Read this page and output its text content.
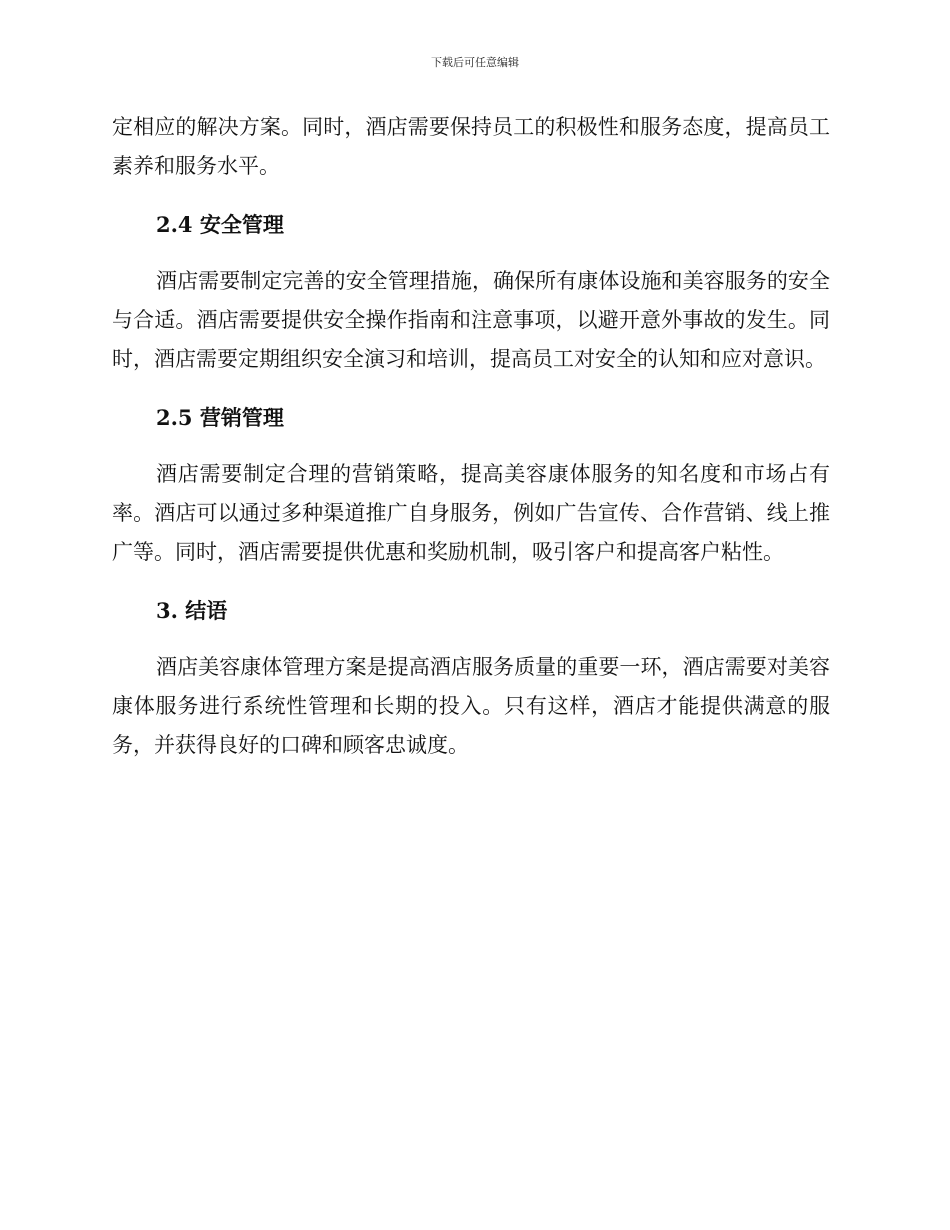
下载后可任意编辑

定相应的解决方案。同时，酒店需要保持员工的积极性和服务态度，提高员工素养和服务水平。

2.4 安全管理

酒店需要制定完善的安全管理措施，确保所有康体设施和美容服务的安全与合适。酒店需要提供安全操作指南和注意事项，以避开意外事故的发生。同时，酒店需要定期组织安全演习和培训，提高员工对安全的认知和应对意识。

2.5 营销管理

酒店需要制定合理的营销策略，提高美容康体服务的知名度和市场占有率。酒店可以通过多种渠道推广自身服务，例如广告宣传、合作营销、线上推广等。同时，酒店需要提供优惠和奖励机制，吸引客户和提高客户粘性。

3. 结语

酒店美容康体管理方案是提高酒店服务质量的重要一环，酒店需要对美容康体服务进行系统性管理和长期的投入。只有这样，酒店才能提供满意的服务，并获得良好的口碑和顾客忠诚度。
